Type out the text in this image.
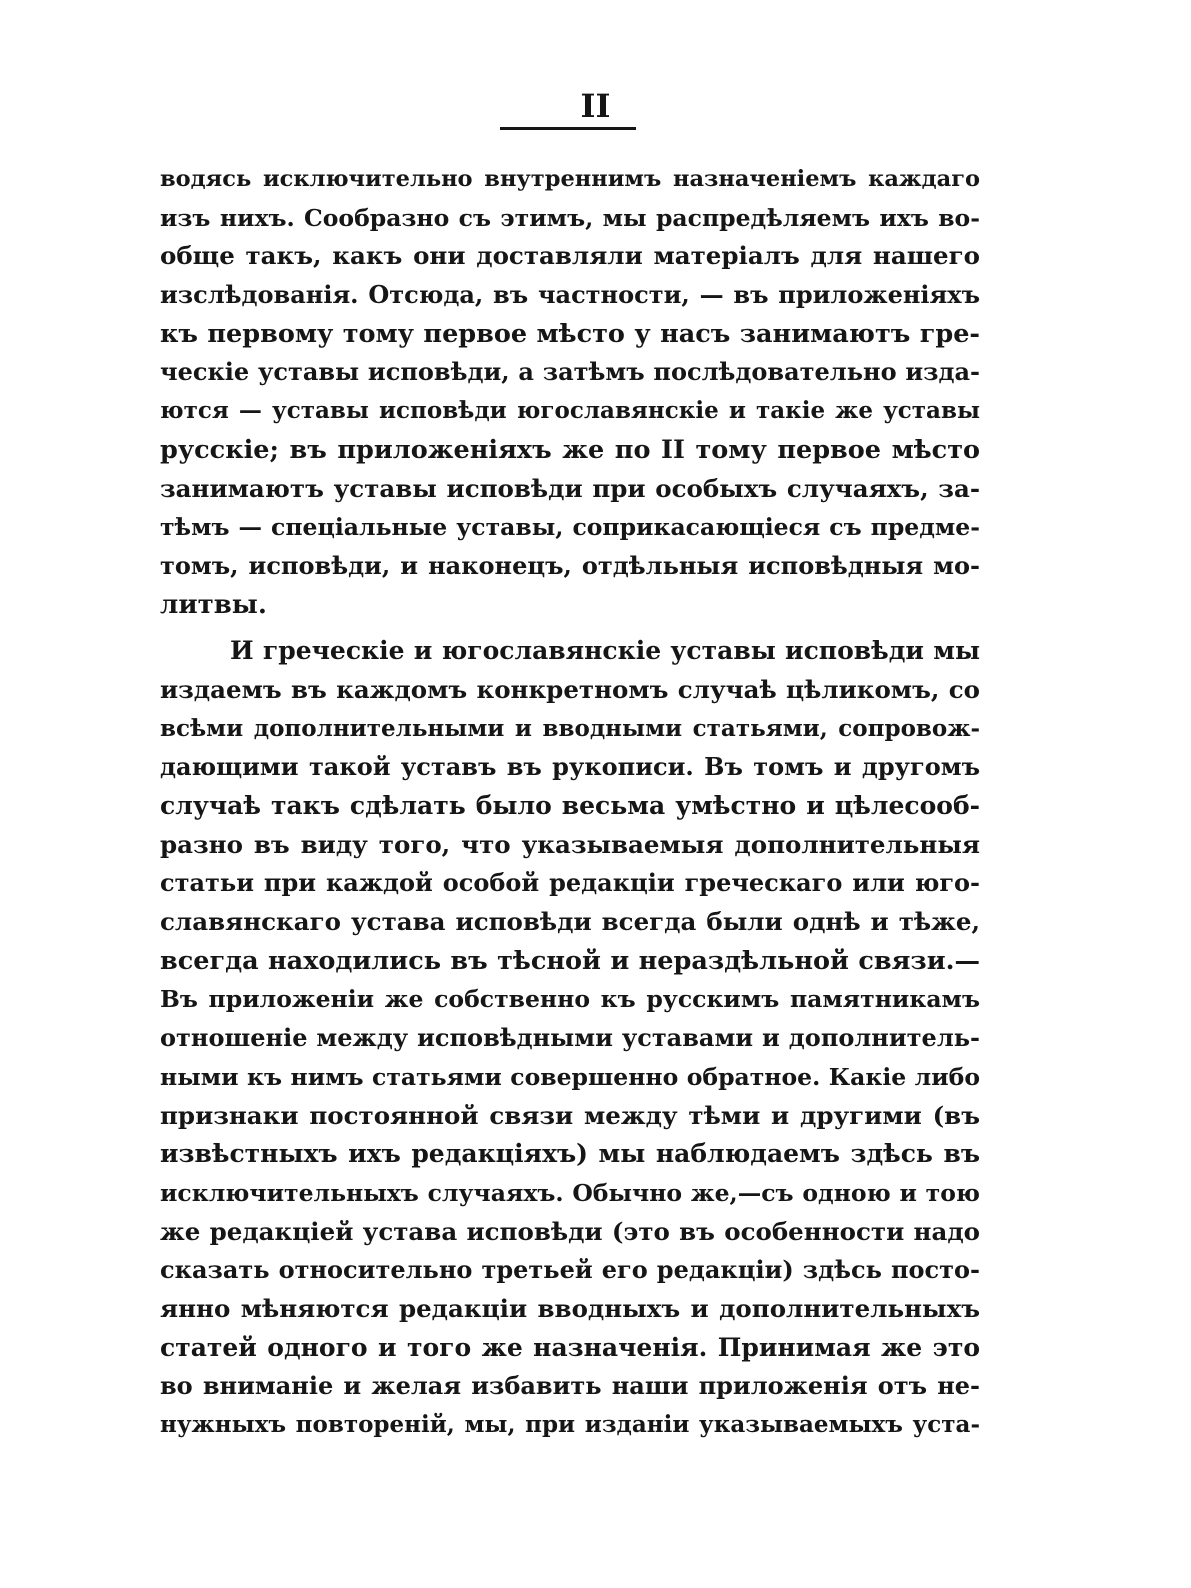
II
водясь исключительно внутреннимъ назначеніемъ каждаго
изъ нихъ. Сообразно съ этимъ, мы распредѣляемъ ихъ во-
обще такъ, какъ они доставляли матеріалъ для нашего
изслѣдованія. Отсюда, въ частности, — въ приложеніяхъ
къ первому тому первое мѣсто у насъ занимаютъ гре-
ческіе уставы исповѣди, а затѣмъ послѣдовательно изда-
ются — уставы исповѣди югославянскіе и такіе же уставы
русскіе; въ приложеніяхъ же по II тому первое мѣсто
занимаютъ уставы исповѣди при особыхъ случаяхъ, за-
тѣмъ — спеціальные уставы, соприкасающіеся съ предме-
томъ, исповѣди, и наконецъ, отдѣльныя исповѣдныя мо-
литвы.
И греческіе и югославянскіе уставы исповѣди мы
издаемъ въ каждомъ конкретномъ случаѣ цѣликомъ, со
всѣми дополнительными и вводными статьями, сопровож-
дающими такой уставъ въ рукописи. Въ томъ и другомъ
случаѣ такъ сдѣлать было весьма умѣстно и цѣлесооб-
разно въ виду того, что указываемыя дополнительныя
статьи при каждой особой редакціи греческаго или юго-
славянскаго устава исповѣди всегда были однѣ и тѣже,
всегда находились въ тѣсной и нераздѣльной связи.—
Въ приложеніи же собственно къ русскимъ памятникамъ
отношеніе между исповѣдными уставами и дополнитель-
ными къ нимъ статьями совершенно обратное. Какіе либо
признаки постоянной связи между тѣми и другими (въ
извѣстныхъ ихъ редакціяхъ) мы наблюдаемъ здѣсь въ
исключительныхъ случаяхъ. Обычно же,—съ одною и тою
же редакціей устава исповѣди (это въ особенности надо
сказать относительно третьей его редакціи) здѣсь посто-
янно мѣняются редакціи вводныхъ и дополнительныхъ
статей одного и того же назначенія. Принимая же это
во вниманіе и желая избавить наши приложенія отъ не-
нужныхъ повтореній, мы, при изданіи указываемыхъ уста-
